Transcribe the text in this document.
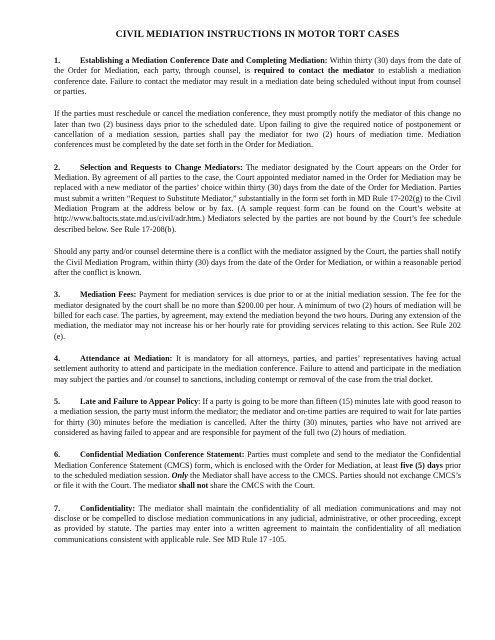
CIVIL MEDIATION INSTRUCTIONS IN MOTOR TORT CASES

1. Establishing a Mediation Conference Date and Completing Mediation: Within thirty (30) days from the date of the Order for Mediation, each party, through counsel, is required to contact the mediator to establish a mediation conference date. Failure to contact the mediator may result in a mediation date being scheduled without input from counsel or parties.

If the parties must reschedule or cancel the mediation conference, they must promptly notify the mediator of this change no later than two (2) business days prior to the scheduled date. Upon failing to give the required notice of postponement or cancellation of a mediation session, parties shall pay the mediator for two (2) hours of mediation time. Mediation conferences must be completed by the date set forth in the Order for Mediation.

2. Selection and Requests to Change Mediators: The mediator designated by the Court appears on the Order for Mediation. By agreement of all parties to the case, the Court appointed mediator named in the Order for Mediation may be replaced with a new mediator of the parties’ choice within thirty (30) days from the date of the Order for Mediation. Parties must submit a written “Request to Substitute Mediator,” substantially in the form set forth in MD Rule 17-202(g) to the Civil Mediation Program at the address below or by fax. (A sample request form can be found on the Court’s website at http://www.baltocts.state.md.us/civil/adr.htm.) Mediators selected by the parties are not bound by the Court’s fee schedule described below. See Rule 17-208(b).

Should any party and/or counsel determine there is a conflict with the mediator assigned by the Court, the parties shall notify the Civil Mediation Program, within thirty (30) days from the date of the Order for Mediation, or within a reasonable period after the conflict is known.

3. Mediation Fees: Payment for mediation services is due prior to or at the initial mediation session. The fee for the mediator designated by the court shall be no more than $200.00 per hour. A minimum of two (2) hours of mediation will be billed for each case. The parties, by agreement, may extend the mediation beyond the two hours. During any extension of the mediation, the mediator may not increase his or her hourly rate for providing services relating to this action. See Rule 202 (e).

4. Attendance at Mediation: It is mandatory for all attorneys, parties, and parties’ representatives having actual settlement authority to attend and participate in the mediation conference. Failure to attend and participate in the mediation may subject the parties and /or counsel to sanctions, including contempt or removal of the case from the trial docket.

5. Late and Failure to Appear Policy: If a party is going to be more than fifteen (15) minutes late with good reason to a mediation session, the party must inform the mediator; the mediator and on-time parties are required to wait for late parties for thirty (30) minutes before the mediation is cancelled. After the thirty (30) minutes, parties who have not arrived are considered as having failed to appear and are responsible for payment of the full two (2) hours of mediation.

6. Confidential Mediation Conference Statement: Parties must complete and send to the mediator the Confidential Mediation Conference Statement (CMCS) form, which is enclosed with the Order for Mediation, at least five (5) days prior to the scheduled mediation session. Only the Mediator shall have access to the CMCS. Parties should not exchange CMCS’s or file it with the Court. The mediator shall not share the CMCS with the Court.

7. Confidentiality: The mediator shall maintain the confidentiality of all mediation communications and may not disclose or be compelled to disclose mediation communications in any judicial, administrative, or other proceeding, except as provided by statute. The parties may enter into a written agreement to maintain the confidentiality of all mediation communications consistent with applicable rule. See MD Rule 17 -105.
